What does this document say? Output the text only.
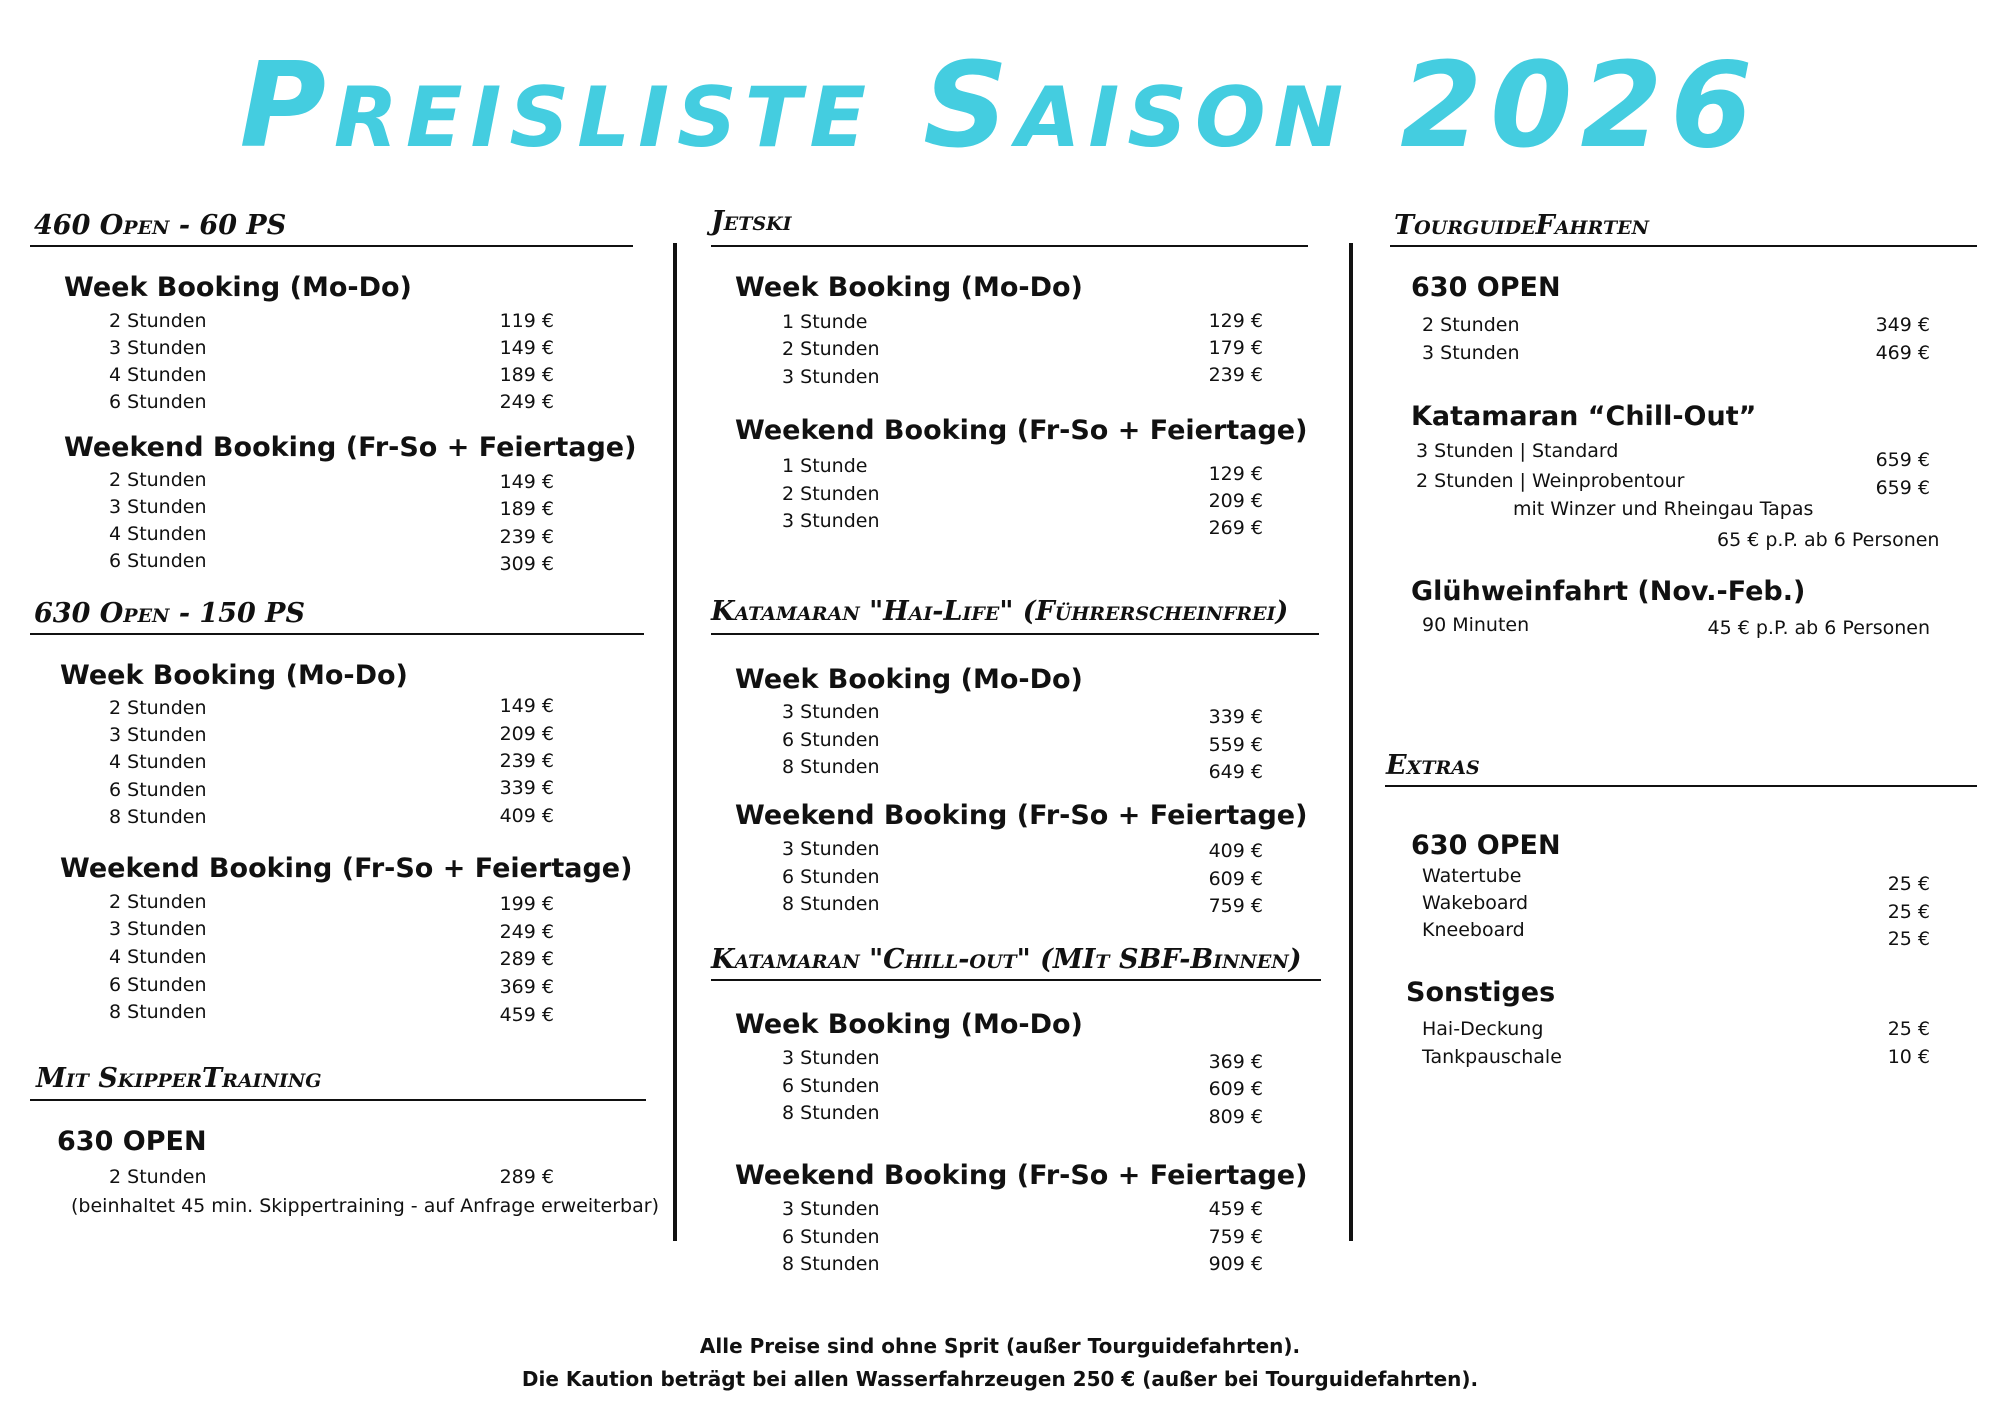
Preisliste Saison 2026
460 Open - 60 PS
Week Booking (Mo-Do)
2 Stunden	119 €
3 Stunden	149 €
4 Stunden	189 €
6 Stunden	249 €
Weekend Booking (Fr-So + Feiertage)
2 Stunden	149 €
3 Stunden	189 €
4 Stunden	239 €
6 Stunden	309 €
630 Open - 150 PS
Week Booking (Mo-Do)
2 Stunden	149 €
3 Stunden	209 €
4 Stunden	239 €
6 Stunden	339 €
8 Stunden	409 €
Weekend Booking (Fr-So + Feiertage)
2 Stunden	199 €
3 Stunden	249 €
4 Stunden	289 €
6 Stunden	369 €
8 Stunden	459 €
Mit SkipperTraining
630 OPEN
2 Stunden	289 €
(beinhaltet 45 min. Skippertraining - auf Anfrage erweiterbar)
Jetski
Week Booking (Mo-Do)
1 Stunde	129 €
2 Stunden	179 €
3 Stunden	239 €
Weekend Booking (Fr-So + Feiertage)
1 Stunde	129 €
2 Stunden	209 €
3 Stunden	269 €
Katamaran "Hai-Life" (Führerscheinfrei)
Week Booking (Mo-Do)
3 Stunden	339 €
6 Stunden	559 €
8 Stunden	649 €
Weekend Booking (Fr-So + Feiertage)
3 Stunden	409 €
6 Stunden	609 €
8 Stunden	759 €
Katamaran "Chill-out" (MIt SBF-Binnen)
Week Booking (Mo-Do)
3 Stunden	369 €
6 Stunden	609 €
8 Stunden	809 €
Weekend Booking (Fr-So + Feiertage)
3 Stunden	459 €
6 Stunden	759 €
8 Stunden	909 €
TourguideFahrten
630 OPEN
2 Stunden	349 €
3 Stunden	469 €
Katamaran “Chill-Out”
3 Stunden | Standard	659 €
2 Stunden | Weinprobentour	659 €
mit Winzer und Rheingau Tapas
65 € p.P. ab 6 Personen
Glühweinfahrt (Nov.-Feb.)
90 Minuten	45 € p.P. ab 6 Personen
Extras
630 OPEN
Watertube	25 €
Wakeboard	25 €
Kneeboard	25 €
Sonstiges
Hai-Deckung	25 €
Tankpauschale	10 €
Alle Preise sind ohne Sprit (außer Tourguidefahrten).
Die Kaution beträgt bei allen Wasserfahrzeugen 250 € (außer bei Tourguidefahrten).
